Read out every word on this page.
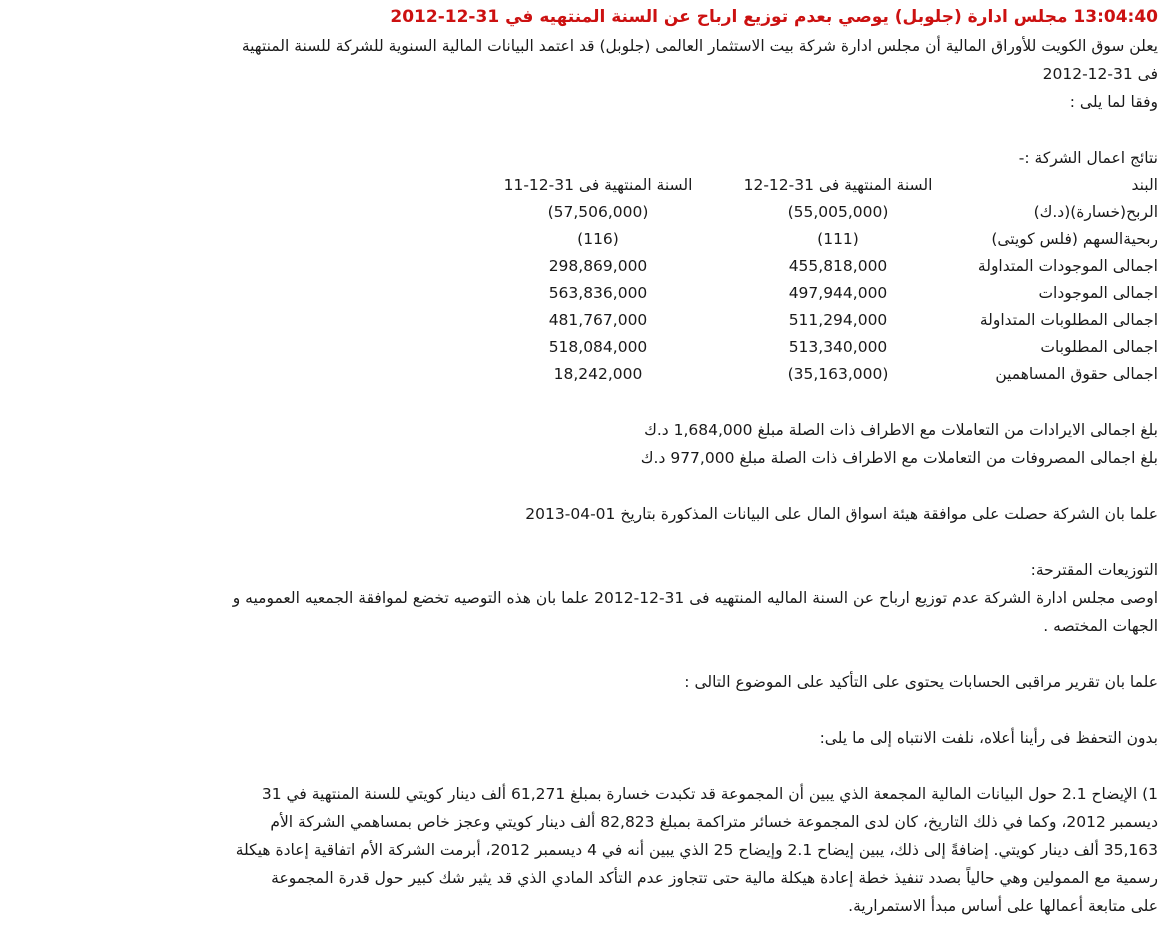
13:04:40 مجلس ادارة (جلوبل) يوصي بعدم توزيع ارباح عن السنة المنتهيه في 31-12-2012

يعلن سوق الكويت للأوراق المالية أن مجلس ادارة شركة بيت الاستثمار العالمى (جلوبل) قد اعتمد البيانات المالية السنوية للشركة للسنة المنتهية

فى 31-12-2012

وفقا لما يلى :

نتائج اعمال الشركة :-

البند
السنة المنتهية فى 31-12-12
السنة المنتهية فى 31-12-11
الربح(خسارة)(د.ك)
(55,005,000)
(57,506,000)
ربحيةالسهم (فلس كويتى)
(111)
(116)
اجمالى الموجودات المتداولة
455,818,000
298,869,000
اجمالى الموجودات
497,944,000
563,836,000
اجمالى المطلوبات المتداولة
511,294,000
481,767,000
اجمالى المطلوبات
513,340,000
518,084,000
اجمالى حقوق المساهمين
(35,163,000)
18,242,000

بلغ اجمالى الايرادات من التعاملات مع الاطراف ذات الصلة مبلغ 1,684,000 د.ك

بلغ اجمالى المصروفات من التعاملات مع الاطراف ذات الصلة مبلغ 977,000 د.ك

علما بان الشركة حصلت على موافقة هيئة اسواق المال على البيانات المذكورة بتاريخ 01-04-2013

التوزيعات المقترحة:

اوصى مجلس ادارة الشركة عدم توزيع ارباح عن السنة الماليه المنتهيه فى 31-12-2012 علما بان هذه التوصيه تخضع لموافقة الجمعيه العموميه و

الجهات المختصه .

علما بان تقرير مراقبى الحسابات يحتوى على التأكيد على الموضوع التالى :

بدون التحفظ فى رأينا أعلاه، نلفت الانتباه إلى ما يلى:

1) الإيضاح 2.1 حول البيانات المالية المجمعة الذي يبين أن المجموعة قد تكبدت خسارة بمبلغ 61,271 ألف دينار كويتي للسنة المنتهية في 31

ديسمبر 2012، وكما في ذلك التاريخ، كان لدى المجموعة خسائر متراكمة بمبلغ 82,823 ألف دينار كويتي وعجز خاص بمساهمي الشركة الأم

35,163 ألف دينار كويتي. إضافةً إلى ذلك، يبين إيضاح 2.1 وإيضاح 25 الذي يبين أنه في 4 ديسمبر 2012، أبرمت الشركة الأم اتفاقية إعادة هيكلة

رسمية مع الممولين وهي حالياً بصدد تنفيذ خطة إعادة هيكلة مالية حتى تتجاوز عدم التأكد المادي الذي قد يثير شك كبير حول قدرة المجموعة

على متابعة أعمالها على أساس مبدأ الاستمرارية.
